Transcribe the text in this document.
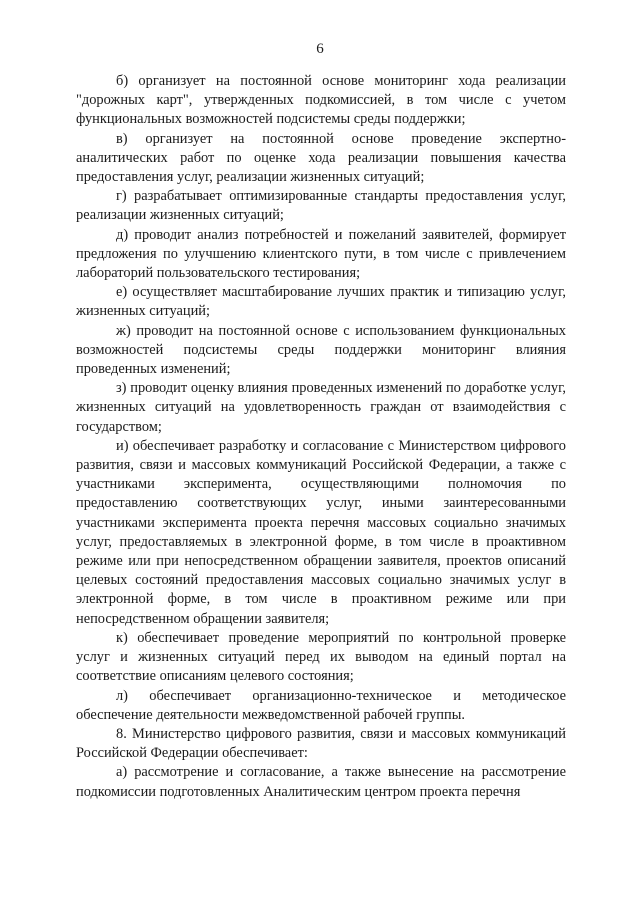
6

б) организует на постоянной основе мониторинг хода реализации "дорожных карт", утвержденных подкомиссией, в том числе с учетом функциональных возможностей подсистемы среды поддержки;

в) организует на постоянной основе проведение экспертно-аналитических работ по оценке хода реализации повышения качества предоставления услуг, реализации жизненных ситуаций;

г) разрабатывает оптимизированные стандарты предоставления услуг, реализации жизненных ситуаций;

д) проводит анализ потребностей и пожеланий заявителей, формирует предложения по улучшению клиентского пути, в том числе с привлечением лабораторий пользовательского тестирования;

е) осуществляет масштабирование лучших практик и типизацию услуг, жизненных ситуаций;

ж) проводит на постоянной основе с использованием функциональных возможностей подсистемы среды поддержки мониторинг влияния проведенных изменений;

з) проводит оценку влияния проведенных изменений по доработке услуг, жизненных ситуаций на удовлетворенность граждан от взаимодействия с государством;

и) обеспечивает разработку и согласование с Министерством цифрового развития, связи и массовых коммуникаций Российской Федерации, а также с участниками эксперимента, осуществляющими полномочия по предоставлению соответствующих услуг, иными заинтересованными участниками эксперимента проекта перечня массовых социально значимых услуг, предоставляемых в электронной форме, в том числе в проактивном режиме или при непосредственном обращении заявителя, проектов описаний целевых состояний предоставления массовых социально значимых услуг в электронной форме, в том числе в проактивном режиме или при непосредственном обращении заявителя;

к) обеспечивает проведение мероприятий по контрольной проверке услуг и жизненных ситуаций перед их выводом на единый портал на соответствие описаниям целевого состояния;

л) обеспечивает организационно-техническое и методическое обеспечение деятельности межведомственной рабочей группы.

8. Министерство цифрового развития, связи и массовых коммуникаций Российской Федерации обеспечивает:

а) рассмотрение и согласование, а также вынесение на рассмотрение подкомиссии подготовленных Аналитическим центром проекта перечня
